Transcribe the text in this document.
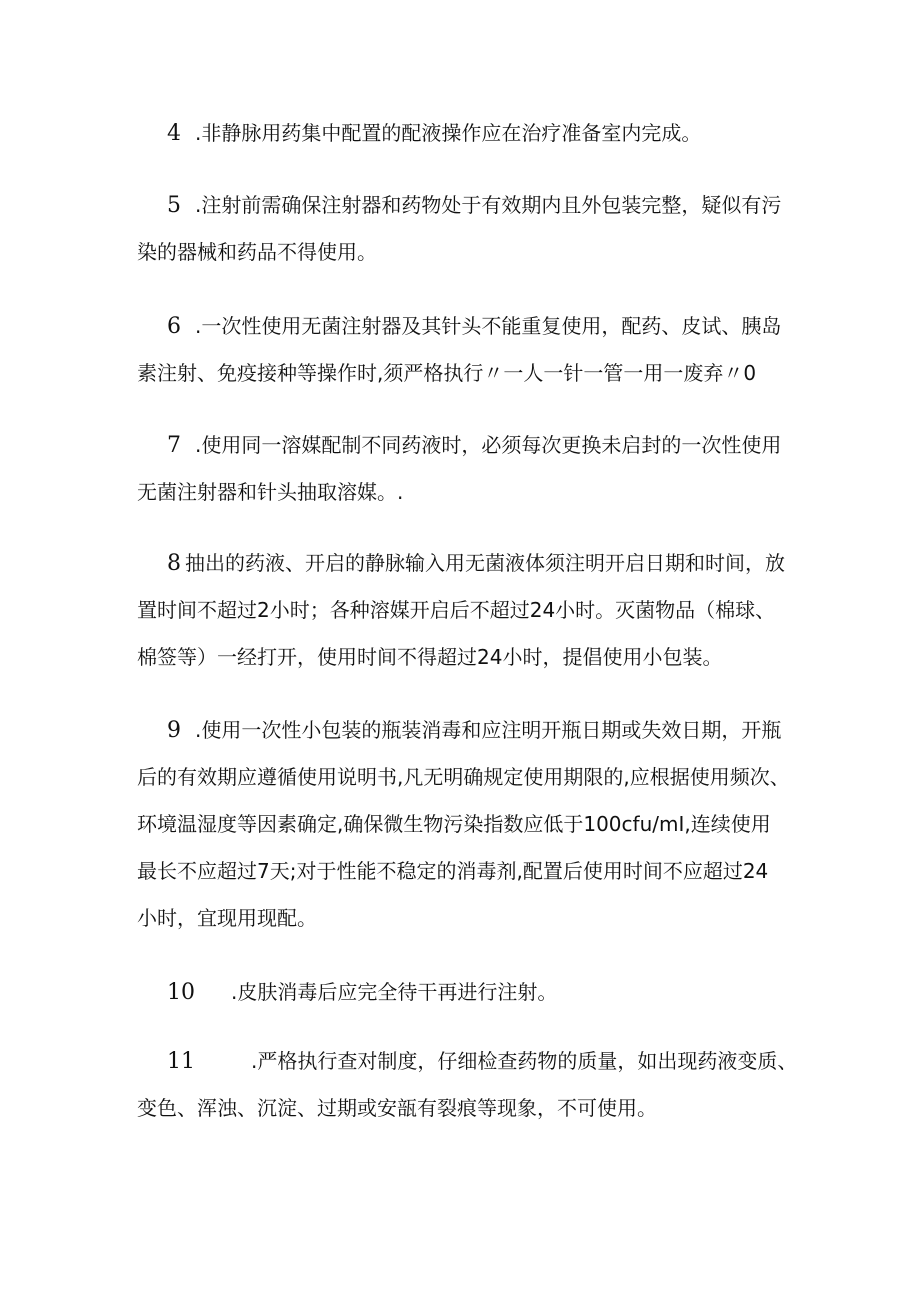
4 .非静脉用药集中配置的配液操作应在治疗准备室内完成。
5 .注射前需确保注射器和药物处于有效期内且外包装完整，疑似有污
染的器械和药品不得使用。
6 .一次性使用无菌注射器及其针头不能重复使用，配药、皮试、胰岛
素注射、免疫接种等操作时,须严格执行〃一人一针一管一用一废弃〃0
7 .使用同一溶媒配制不同药液时，必须每次更换未启封的一次性使用
无菌注射器和针头抽取溶媒。.
8 抽出的药液、开启的静脉输入用无菌液体须注明开启日期和时间，放
置时间不超过2小时；各种溶媒开启后不超过24小时。灭菌物品（棉球、
棉签等）一经打开，使用时间不得超过24小时，提倡使用小包装。
9 .使用一次性小包装的瓶装消毒和应注明开瓶日期或失效日期，开瓶
后的有效期应遵循使用说明书,凡无明确规定使用期限的,应根据使用频次、
环境温湿度等因素确定,确保微生物污染指数应低于100cfu/mI,连续使用
最长不应超过7天;对于性能不稳定的消毒剂,配置后使用时间不应超过24
小时，宜现用现配。
10 .皮肤消毒后应完全待干再进行注射。
11	.严格执行查对制度，仔细检查药物的质量，如出现药液变质、
变色、浑浊、沉淀、过期或安瓿有裂痕等现象，不可使用。
